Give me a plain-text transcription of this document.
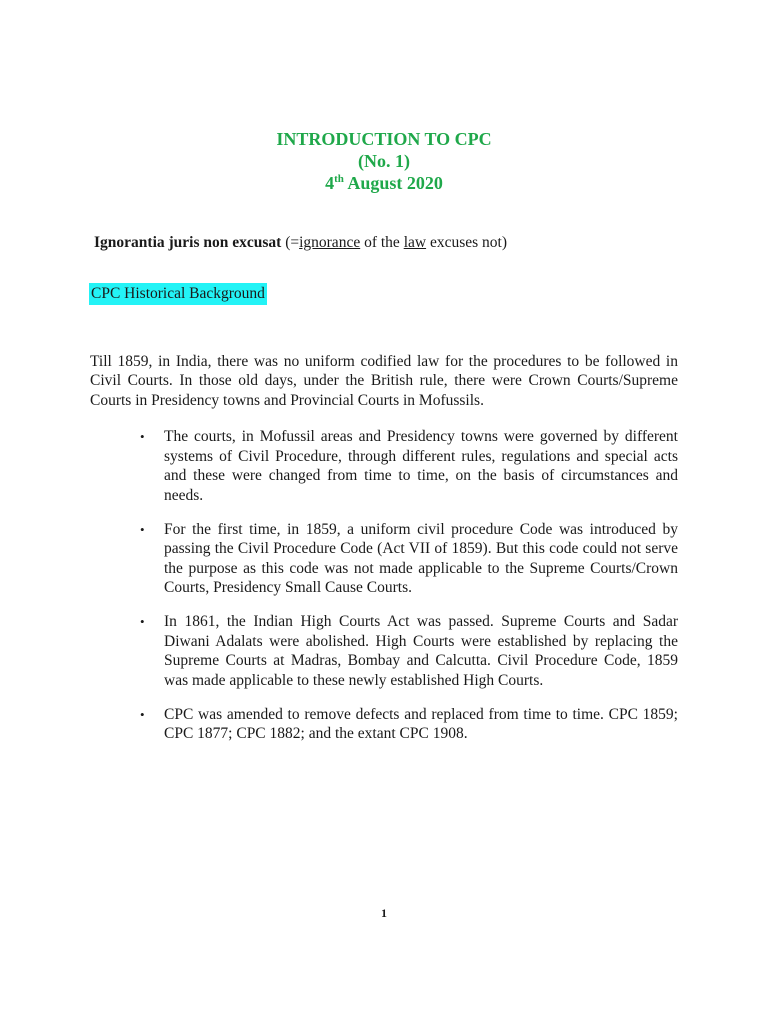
INTRODUCTION TO CPC
(No. 1)
4th August 2020
Ignorantia juris non excusat (=ignorance of the law excuses not)
CPC Historical Background

Till 1859, in India, there was no uniform codified law for the procedures to be followed in Civil Courts. In those old days, under the British rule, there were Crown Courts/Supreme Courts in Presidency towns and Provincial Courts in Mofussils.

• The courts, in Mofussil areas and Presidency towns were governed by different systems of Civil Procedure, through different rules, regulations and special acts and these were changed from time to time, on the basis of circumstances and needs.
• For the first time, in 1859, a uniform civil procedure Code was introduced by passing the Civil Procedure Code (Act VII of 1859). But this code could not serve the purpose as this code was not made applicable to the Supreme Courts/Crown Courts, Presidency Small Cause Courts.
• In 1861, the Indian High Courts Act was passed. Supreme Courts and Sadar Diwani Adalats were abolished. High Courts were established by replacing the Supreme Courts at Madras, Bombay and Calcutta. Civil Procedure Code, 1859 was made applicable to these newly established High Courts.
• CPC was amended to remove defects and replaced from time to time. CPC 1859; CPC 1877; CPC 1882; and the extant CPC 1908.
1
